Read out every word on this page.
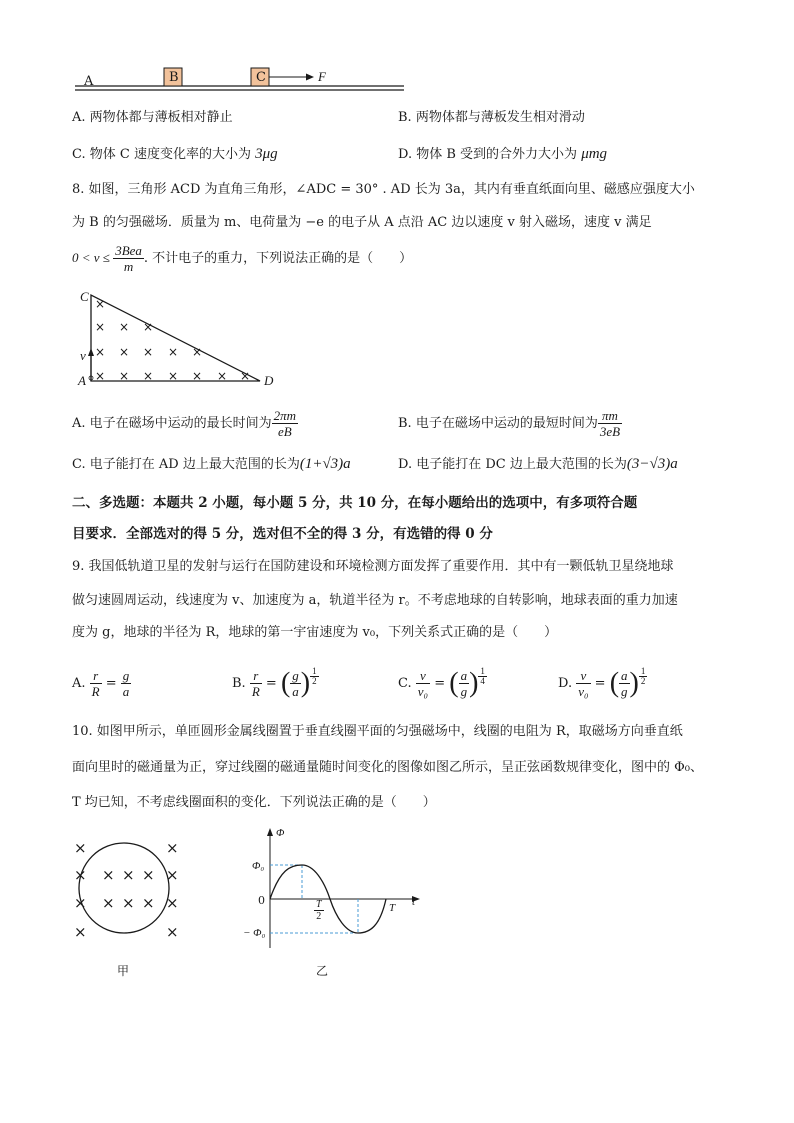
A	B	C	F
A. 两物体都与薄板相对静止	B. 两物体都与薄板发生相对滑动
C. 物体 C 速度变化率的大小为 3μg	D. 物体 B 受到的合外力大小为 μmg
8. 如图，三角形 ACD 为直角三角形，∠ADC = 30° . AD 长为 3a，其内有垂直纸面向里、磁感应强度大小
为 B 的匀强磁场．质量为 m、电荷量为 −e 的电子从 A 点沿 AC 边以速度 v 射入磁场，速度 v 满足
$0 < v \le \frac{\text{3Bea}}{m}$ . 不计电子的重力，下列说法正确的是（　　）
×
× × ×
× × × × ×
× × × × × × ×
C
v
A	D
A. 电子在磁场中运动的最长时间为 $\frac{2\pi m}{eB}$	B. 电子在磁场中运动的最短时间为 $\frac{\pi m}{3eB}$
C. 电子能打在 AD 边上最大范围的长为(1+√3)a	D. 电子能打在 DC 边上最大范围的长为(3−√3)a
二、多选题：本题共 2 小题，每小题 5 分，共 10 分，在每小题给出的选项中，有多项符合题
目要求．全部选对的得 5 分，选对但不全的得 3 分，有选错的得 0 分
9. 我国低轨道卫星的发射与运行在国防建设和环境检测方面发挥了重要作用．其中有一颗低轨卫星绕地球
做匀速圆周运动，线速度为 v、加速度为 a，轨道半径为 r。不考虑地球的自转影响，地球表面的重力加速
度为 g，地球的半径为 R，地球的第一宇宙速度为 v₀，下列关系式正确的是（　　）
A. $\frac{r}{R} = \frac{g}{a}$	B. $\frac{r}{R}$ = ( $\frac{g}{a}$ ) $^{\frac{1}{2}}$	C. $\frac{v}{\text{v₀}}$ = ( $\frac{a}{g}$ ) $^{\frac{1}{4}}$	D. $\frac{v}{\text{v₀}}$ = ( $\frac{a}{g}$ ) $^{\frac{1}{2}}$
10. 如图甲所示，单匝圆形金属线圈置于垂直线圈平面的匀强磁场中，线圈的电阻为 R，取磁场方向垂直纸
面向里时的磁通量为正，穿过线圈的磁通量随时间变化的图像如图乙所示，呈正弦函数规律变化，图中的 Φ₀、
T 均已知，不考虑线圈面积的变化．下列说法正确的是（　　）
×	×
× × × × ×
× × × × ×
×	×
甲
Φ
Φ₀
0
− Φ₀
t
T
$\frac{T}{2}$
乙
